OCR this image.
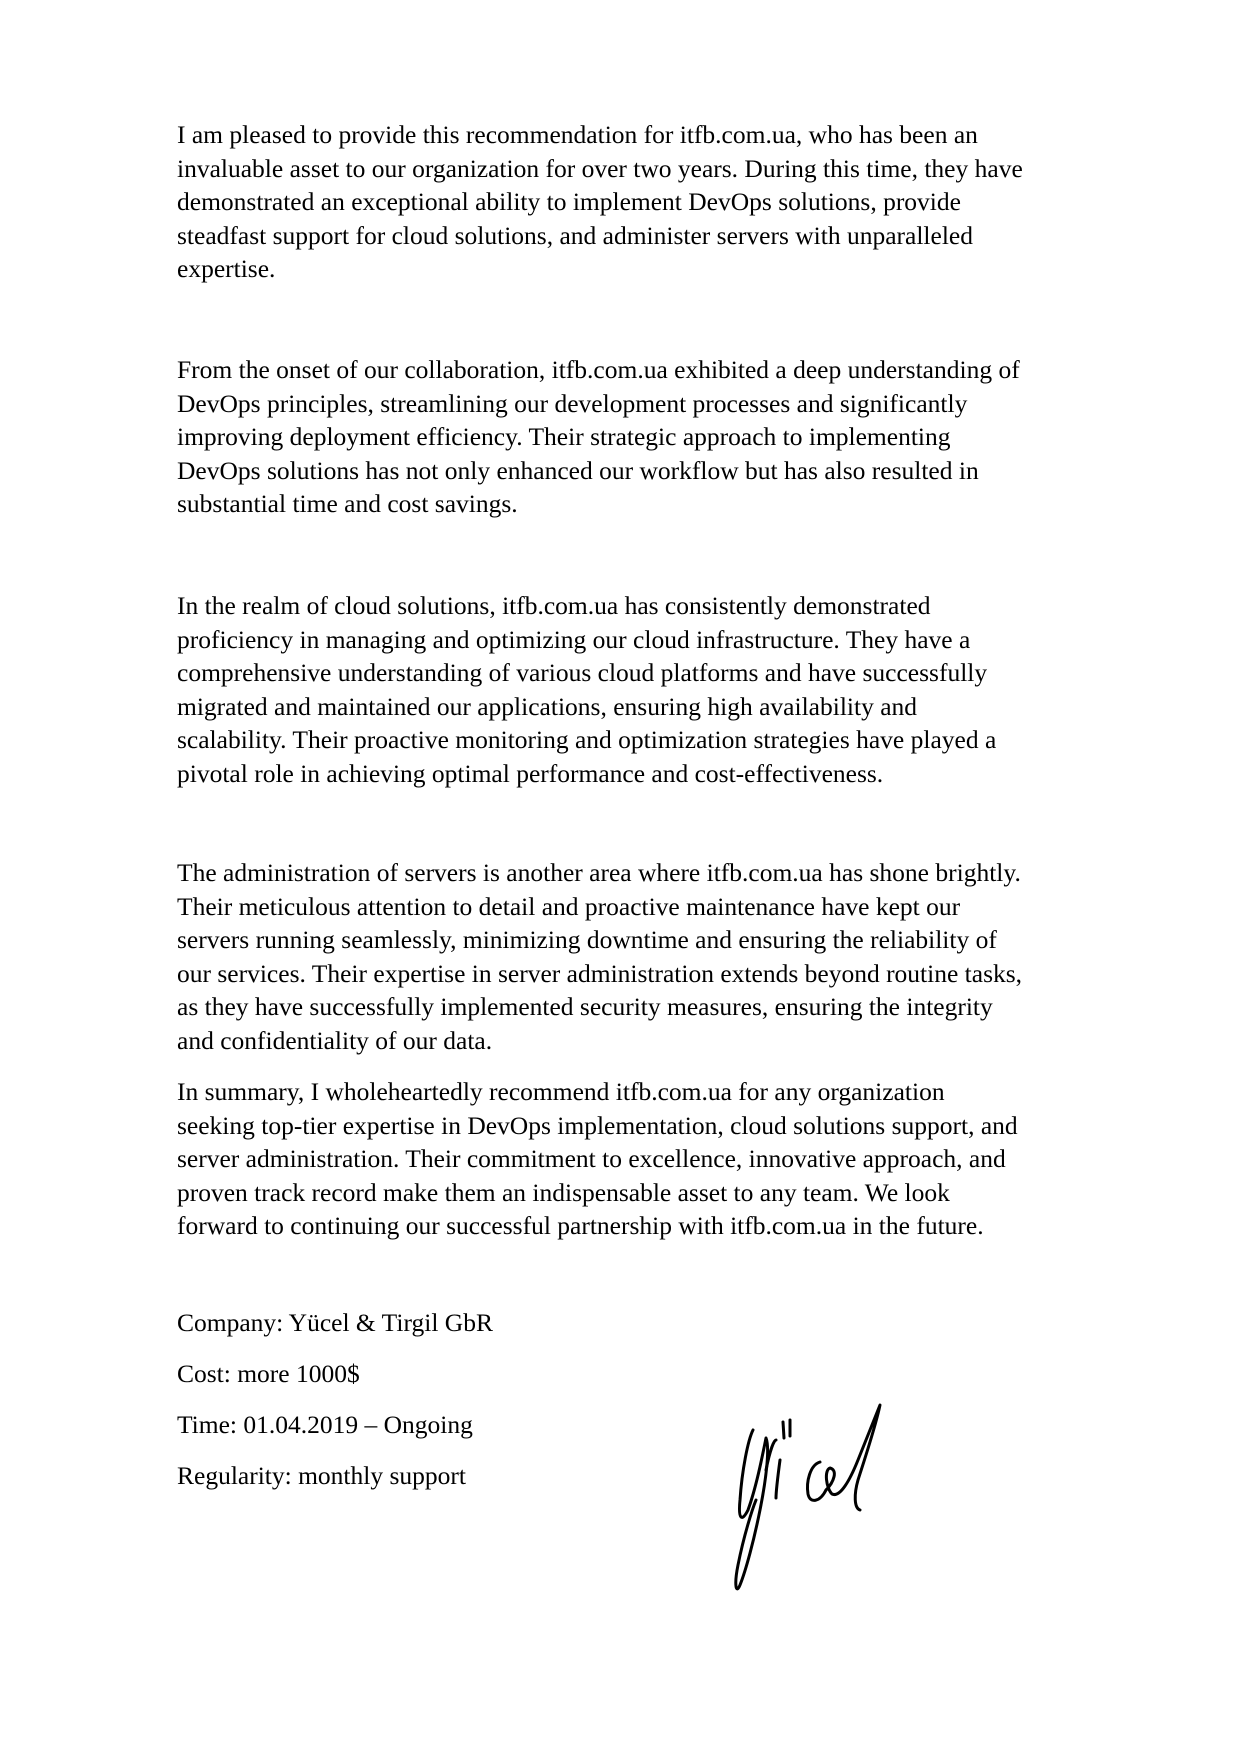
I am pleased to provide this recommendation for itfb.com.ua, who has been an
invaluable asset to our organization for over two years. During this time, they have
demonstrated an exceptional ability to implement DevOps solutions, provide
steadfast support for cloud solutions, and administer servers with unparalleled
expertise.

From the onset of our collaboration, itfb.com.ua exhibited a deep understanding of
DevOps principles, streamlining our development processes and significantly
improving deployment efficiency. Their strategic approach to implementing
DevOps solutions has not only enhanced our workflow but has also resulted in
substantial time and cost savings.

In the realm of cloud solutions, itfb.com.ua has consistently demonstrated
proficiency in managing and optimizing our cloud infrastructure. They have a
comprehensive understanding of various cloud platforms and have successfully
migrated and maintained our applications, ensuring high availability and
scalability. Their proactive monitoring and optimization strategies have played a
pivotal role in achieving optimal performance and cost-effectiveness.

The administration of servers is another area where itfb.com.ua has shone brightly.
Their meticulous attention to detail and proactive maintenance have kept our
servers running seamlessly, minimizing downtime and ensuring the reliability of
our services. Their expertise in server administration extends beyond routine tasks,
as they have successfully implemented security measures, ensuring the integrity
and confidentiality of our data.

In summary, I wholeheartedly recommend itfb.com.ua for any organization
seeking top-tier expertise in DevOps implementation, cloud solutions support, and
server administration. Their commitment to excellence, innovative approach, and
proven track record make them an indispensable asset to any team. We look
forward to continuing our successful partnership with itfb.com.ua in the future.

Company: Yücel & Tirgil GbR

Cost: more 1000$

Time: 01.04.2019 – Ongoing

Regularity: monthly support
